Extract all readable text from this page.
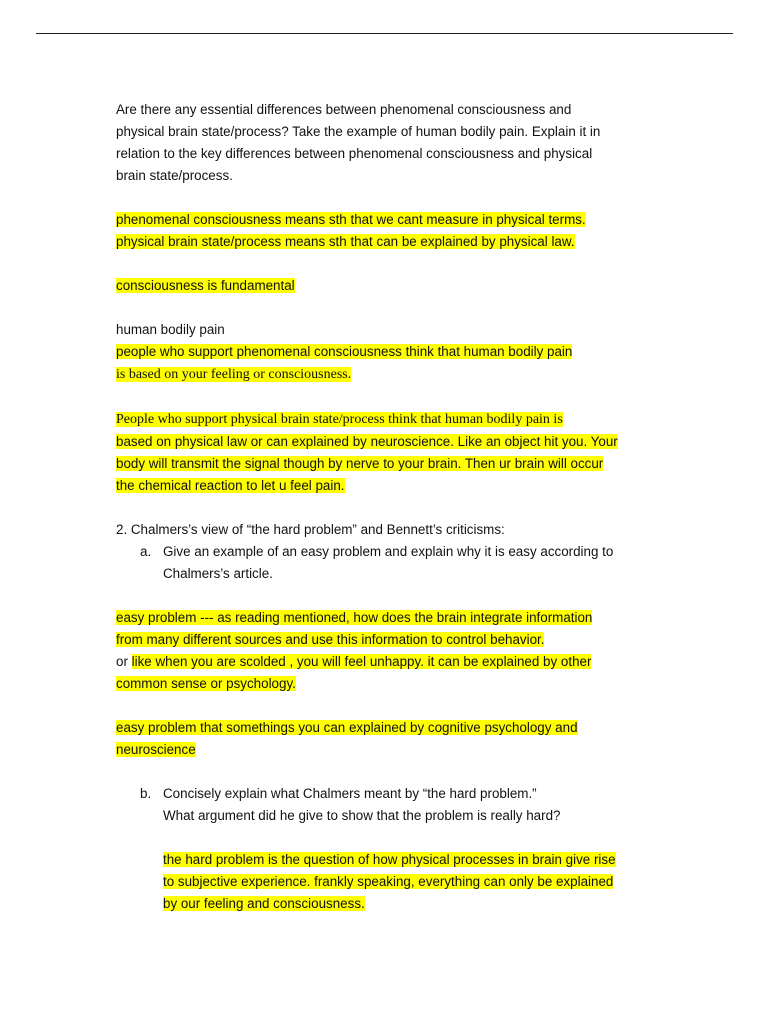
Are there any essential differences between phenomenal consciousness and

physical brain state/process? Take the example of human bodily pain. Explain it in

relation to the key differences between phenomenal consciousness and physical

brain state/process.

phenomenal consciousness means sth that we cant measure in physical terms.

physical brain state/process means sth that can be explained by physical law.

consciousness is fundamental

human bodily pain

people who support phenomenal consciousness think that human bodily pain

is based on your feeling or consciousness.

People who support physical brain state/process think that human bodily pain is

based on physical law or can explained by neuroscience. Like an object hit you. Your

body will transmit the signal though by nerve to your brain. Then ur brain will occur

the chemical reaction to let u feel pain.

2. Chalmers’s view of “the hard problem” and Bennett’s criticisms:

a. Give an example of an easy problem and explain why it is easy according to

Chalmers’s article.

easy problem --- as reading mentioned, how does the brain integrate information

from many different sources and use this information to control behavior.

or like when you are scolded , you will feel unhappy. it can be explained by other

common sense or psychology.

easy problem that somethings you can explained by cognitive psychology and

neuroscience

b. Concisely explain what Chalmers meant by “the hard problem.”

What argument did he give to show that the problem is really hard?

the hard problem is the question of how physical processes in brain give rise

to subjective experience. frankly speaking, everything can only be explained

by our feeling and consciousness.
